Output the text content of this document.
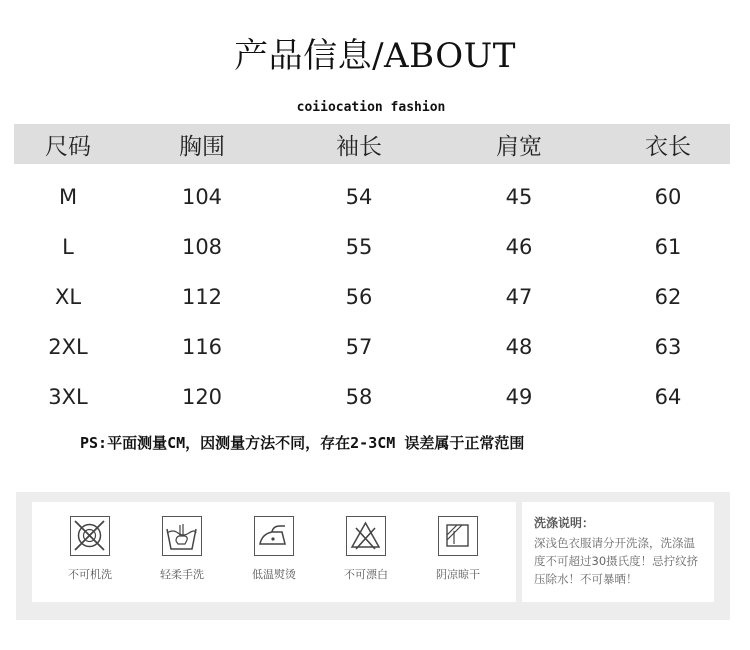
产品信息/ABOUT
coiiocation fashion
尺码	胸围	袖长	肩宽	衣长
M	104	54	45	60
L	108	55	46	61
XL	112	56	47	62
2XL	116	57	48	63
3XL	120	58	49	64
PS:平面测量CM，因测量方法不同，存在2-3CM 误差属于正常范围
不可机洗	轻柔手洗	低温熨烫	不可漂白	阴凉晾干
洗涤说明：
深浅色衣服请分开洗涤，洗涤温
度不可超过30摄氏度！忌拧纹挤
压除水！不可暴晒！
